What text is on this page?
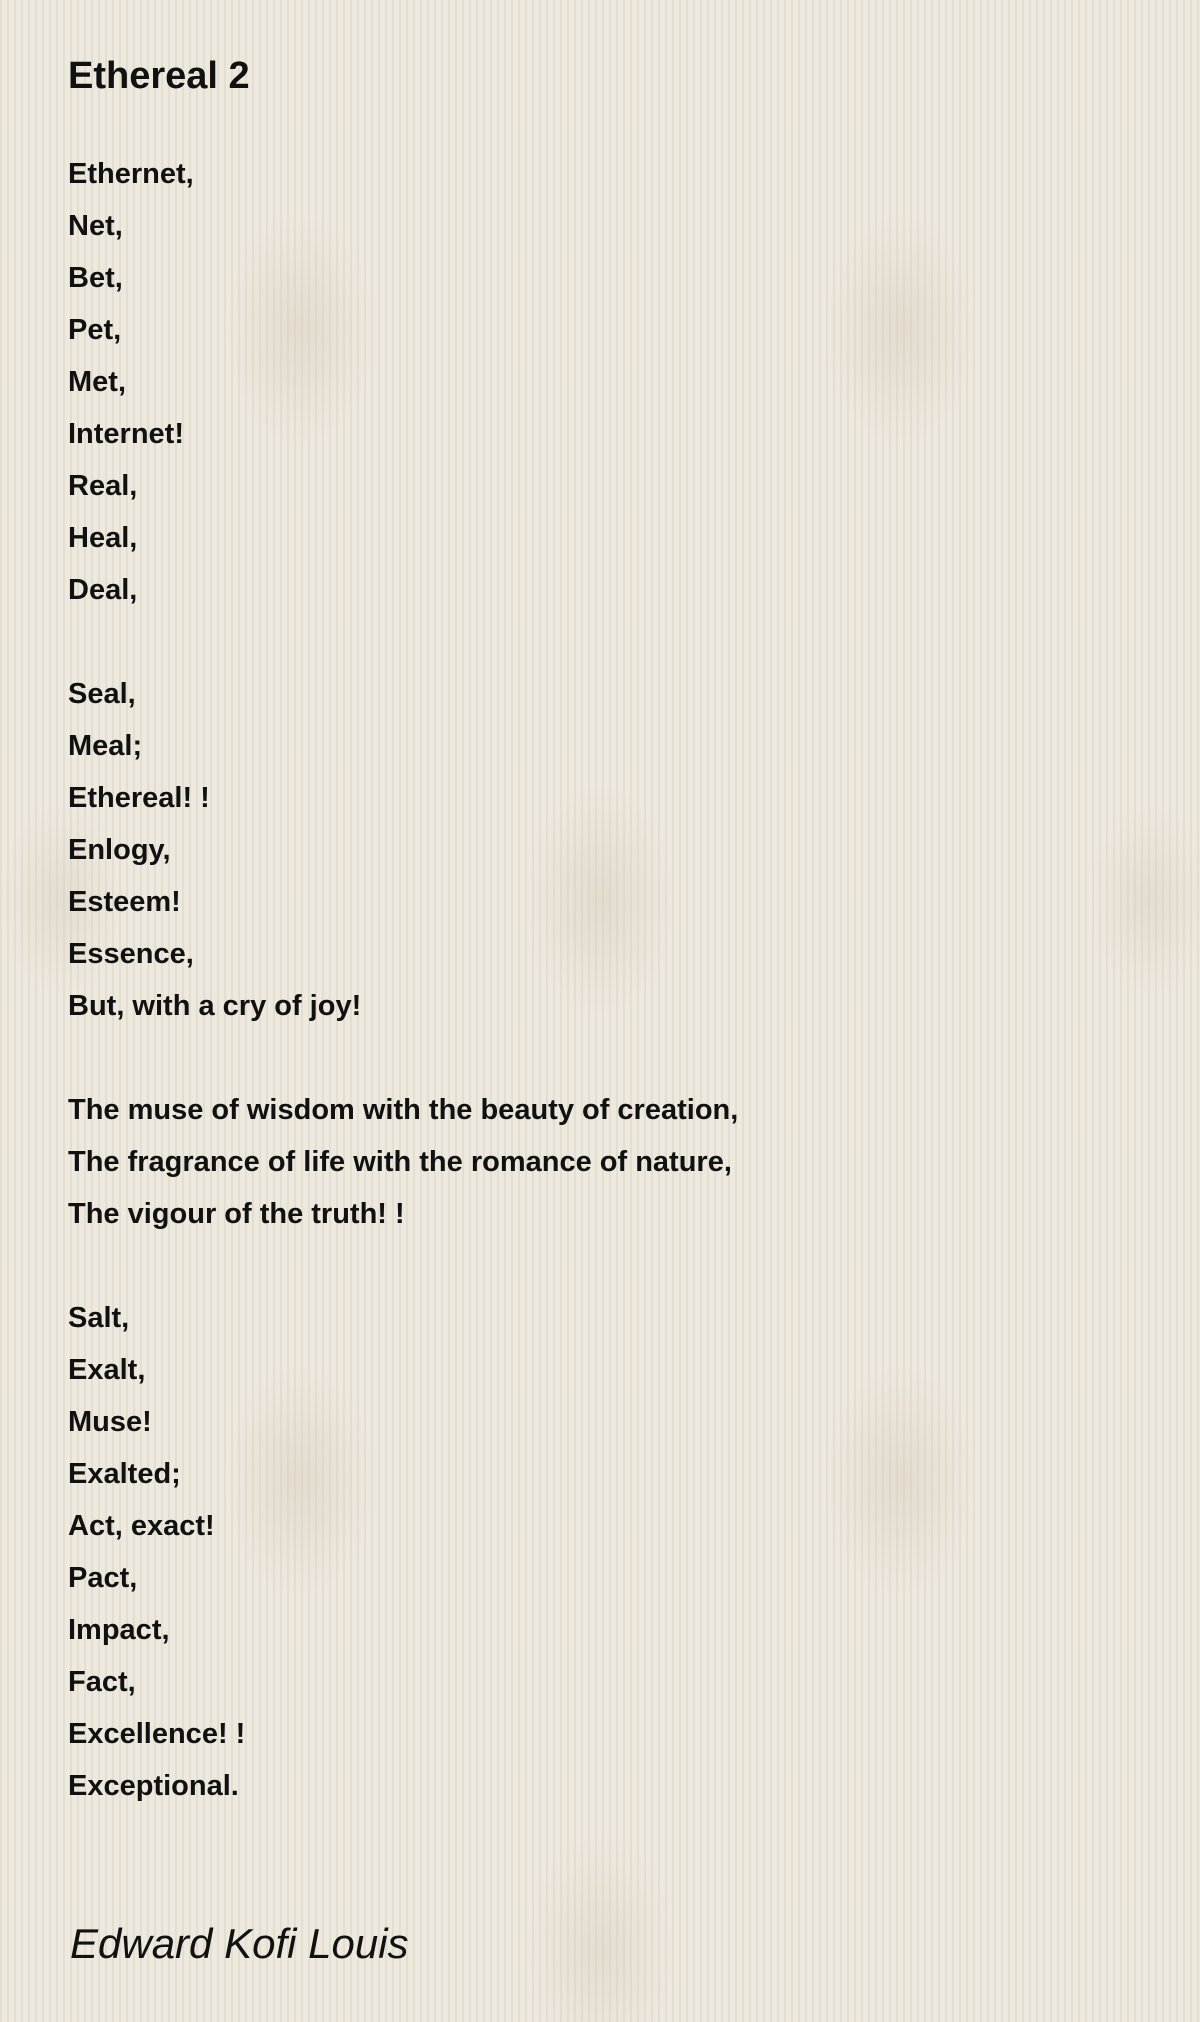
Ethereal 2
Ethernet,
Net,
Bet,
Pet,
Met,
Internet!
Real,
Heal,
Deal,
Seal,
Meal;
Ethereal! !
Enlogy,
Esteem!
Essence,
But, with a cry of joy!
The muse of wisdom with the beauty of creation,
The fragrance of life with the romance of nature,
The vigour of the truth! !
Salt,
Exalt,
Muse!
Exalted;
Act, exact!
Pact,
Impact,
Fact,
Excellence! !
Exceptional.
Edward Kofi Louis
